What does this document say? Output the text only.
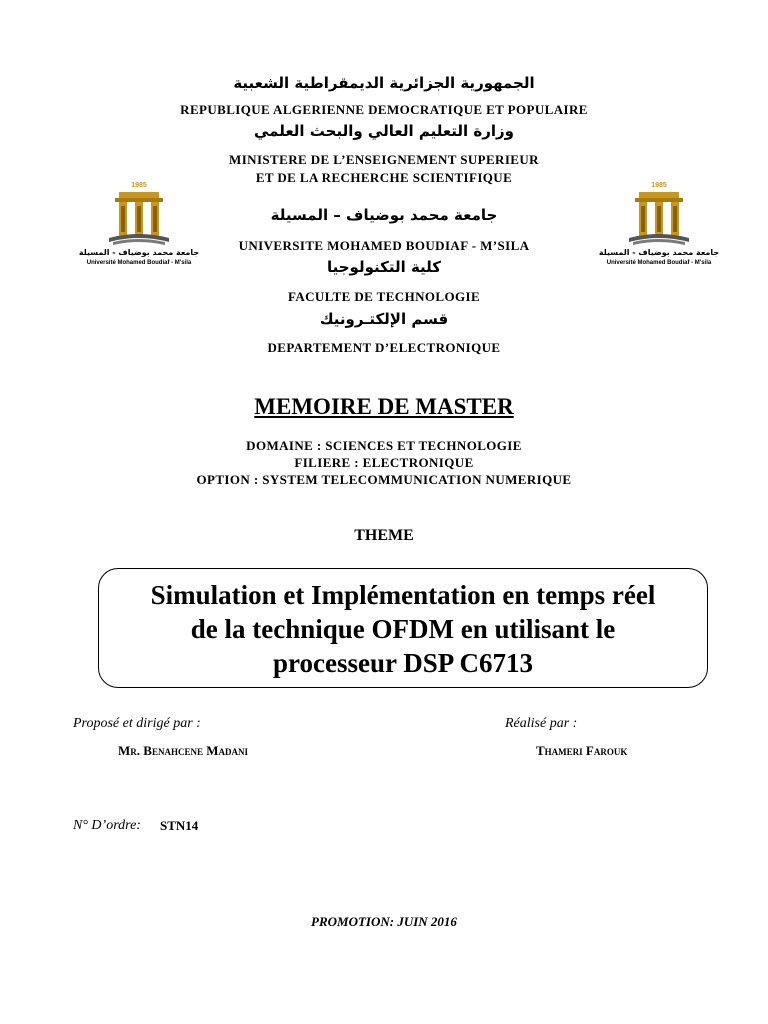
الجمهورية الجزائرية الديمقراطية الشعبية
REPUBLIQUE ALGERIENNE DEMOCRATIQUE ET POPULAIRE
وزارة التعليم العالي والبحث العلمي
MINISTERE DE L’ENSEIGNEMENT SUPERIEUR
ET DE LA RECHERCHE SCIENTIFIQUE
1985
جامعة محمد بوضياف - المسيلة
Université Mohamed Boudiaf - M'sila
1985
جامعة محمد بوضياف - المسيلة
Université Mohamed Boudiaf - M'sila
جامعة محمد بوضياف – المسيلة
UNIVERSITE MOHAMED BOUDIAF - M’SILA
كلية التكنولوجيا
FACULTE DE TECHNOLOGIE
قسم الإلكتـرونيك
DEPARTEMENT D’ELECTRONIQUE
MEMOIRE DE MASTER
DOMAINE : SCIENCES ET TECHNOLOGIE
FILIERE : ELECTRONIQUE
OPTION : SYSTEM TELECOMMUNICATION NUMERIQUE
THEME
Simulation et Implémentation en temps réel
de la technique OFDM en utilisant le
processeur DSP C6713
Proposé et dirigé par :	Réalisé par :
Mr. Benahcene Madani	Thameri Farouk
N° D’ordre: STN14
PROMOTION: JUIN 2016
